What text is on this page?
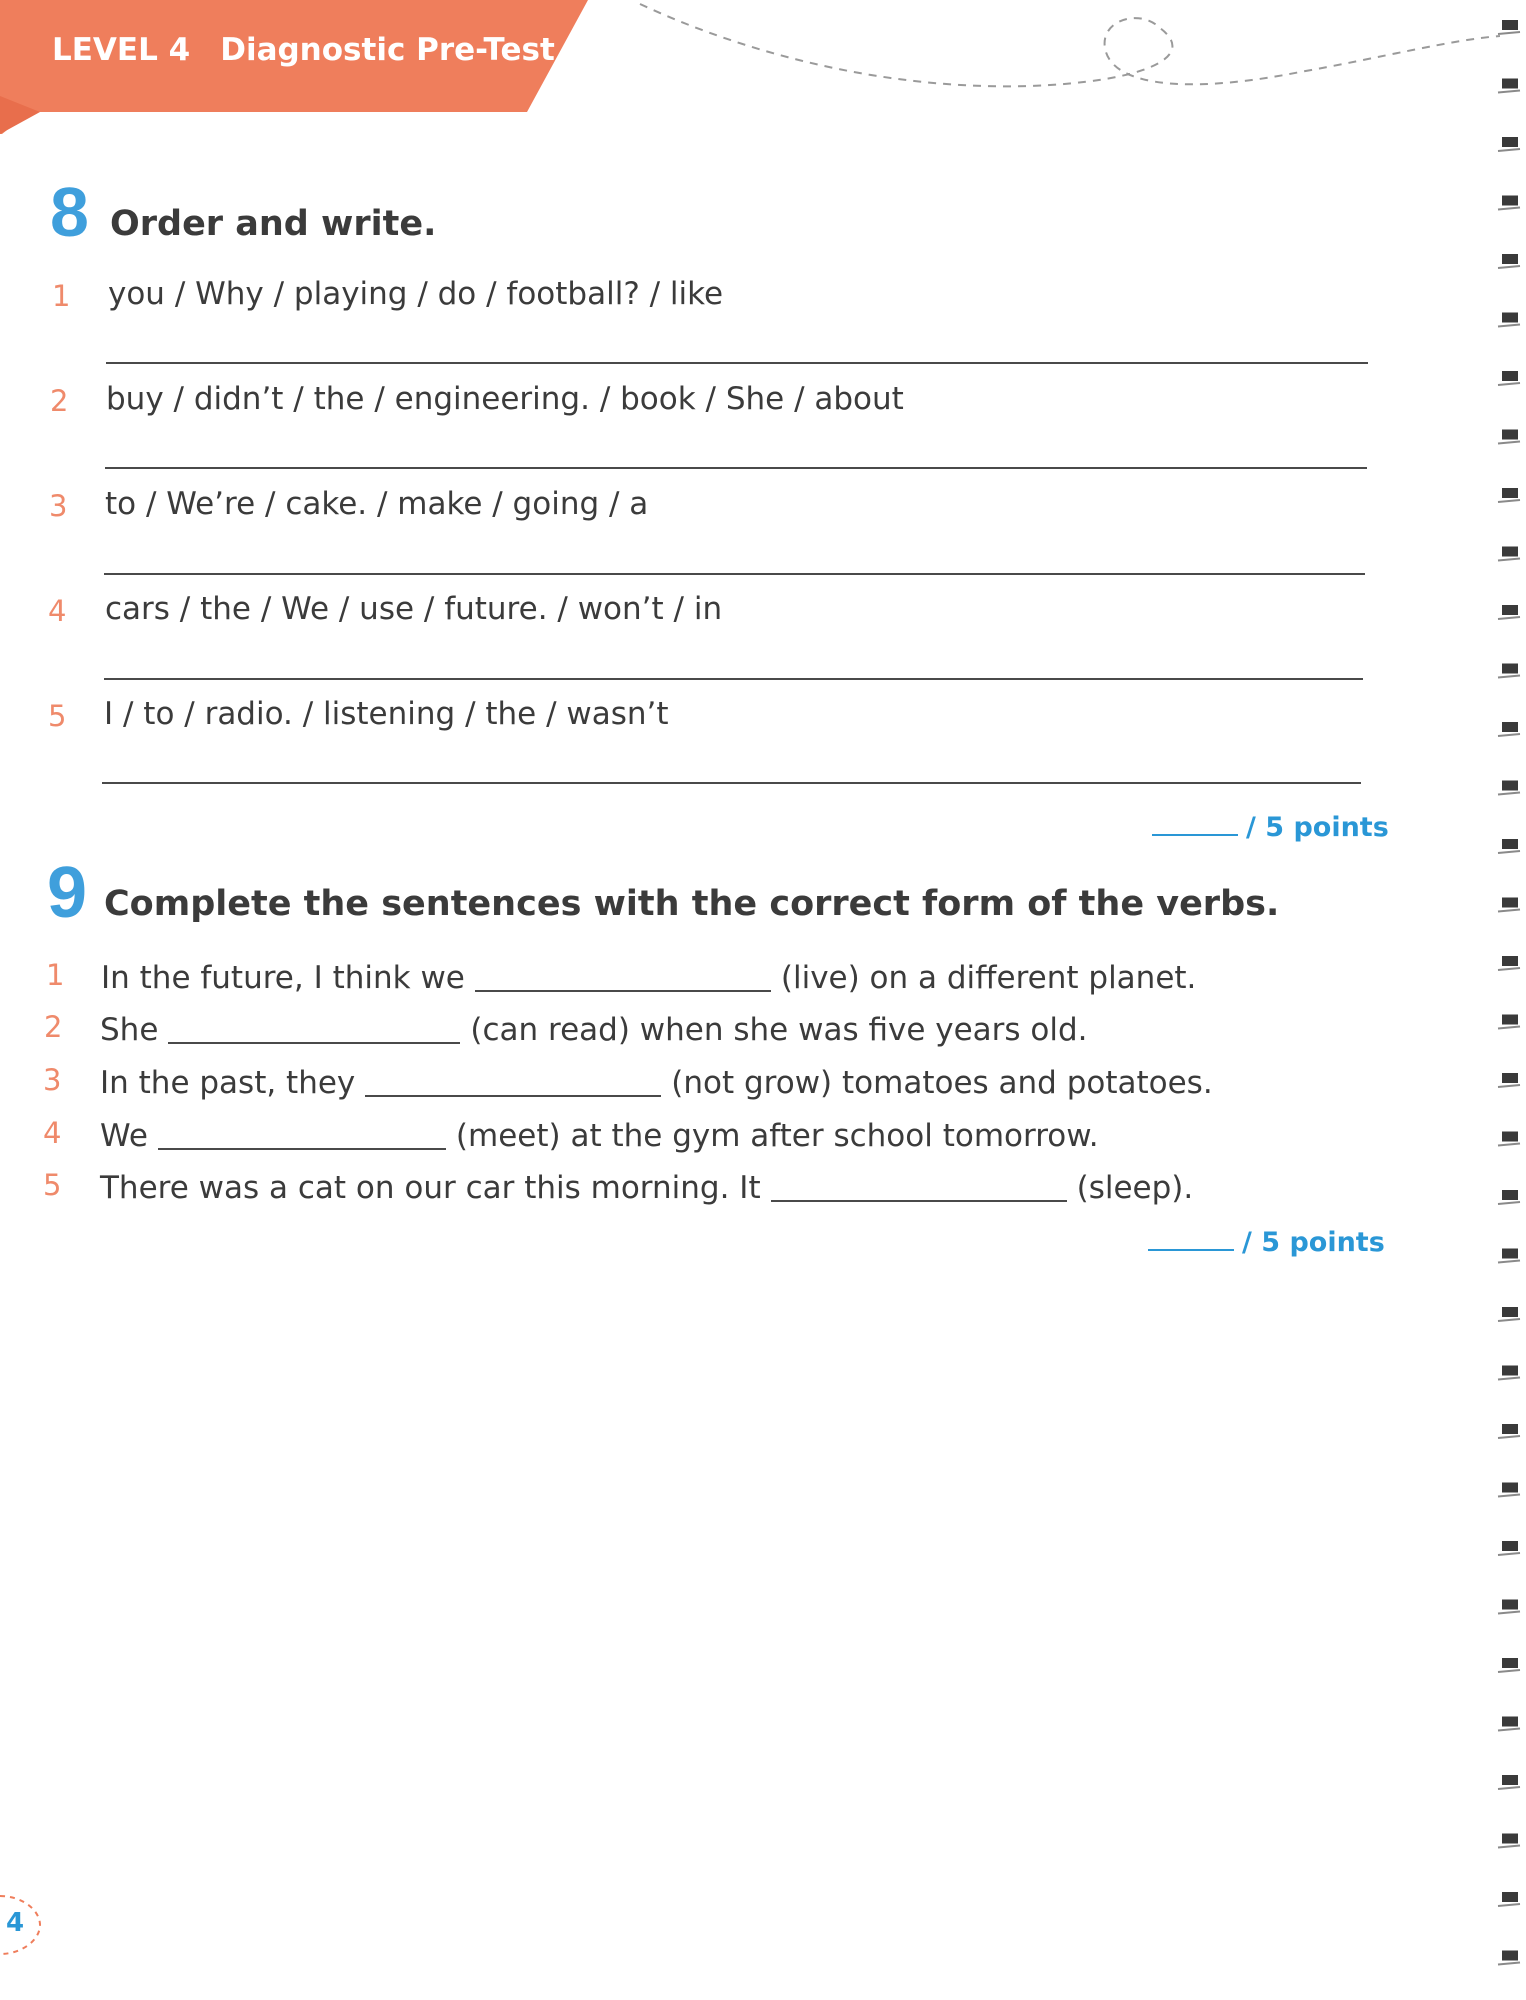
LEVEL 4 Diagnostic Pre-Test
8 Order and write.
1	you / Why / playing / do / football? / like
2	buy / didn’t / the / engineering. / book / She / about
3	to / We’re / cake. / make / going / a
4	cars / the / We / use / future. / won’t / in
5	I / to / radio. / listening / the / wasn’t
/ 5 points
9 Complete the sentences with the correct form of the verbs.
1	In the future, I think we	(live) on a different planet.
2	She	(can read) when she was five years old.
3	In the past, they	(not grow) tomatoes and potatoes.
4	We	(meet) at the gym after school tomorrow.
5	There was a cat on our car this morning. It	(sleep).
/ 5 points
4
